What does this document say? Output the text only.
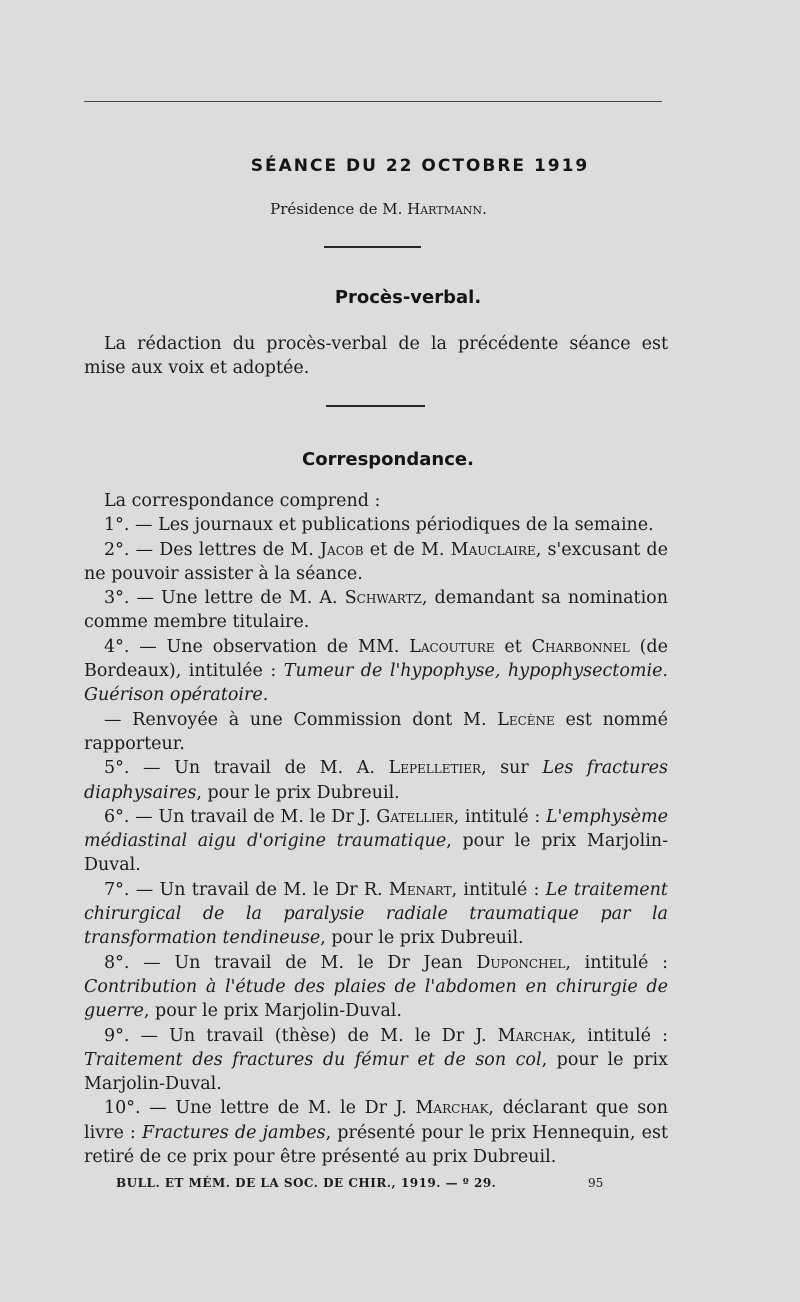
SÉANCE DU 22 OCTOBRE 1919
Présidence de M. Hartmann.
Procès-verbal.

La rédaction du procès-verbal de la précédente séance est mise aux voix et adoptée.

Correspondance.

La correspondance comprend :

1°. — Les journaux et publications périodiques de la semaine.

2°. — Des lettres de M. Jacob et de M. Mauclaire, s'excusant de ne pouvoir assister à la séance.

3°. — Une lettre de M. A. Schwartz, demandant sa nomination comme membre titulaire.

4°. — Une observation de MM. Lacouture et Charbonnel (de Bordeaux), intitulée : Tumeur de l'hypophyse, hypophysectomie. Guérison opératoire.

— Renvoyée à une Commission dont M. Lecène est nommé rapporteur.

5°. — Un travail de M. A. Lepelletier, sur Les fractures diaphysaires, pour le prix Dubreuil.

6°. — Un travail de M. le Dr J. Gatellier, intitulé : L'emphysème médiastinal aigu d'origine traumatique, pour le prix Marjolin-Duval.

7°. — Un travail de M. le Dr R. Menart, intitulé : Le traitement chirurgical de la paralysie radiale traumatique par la transformation tendineuse, pour le prix Dubreuil.

8°. — Un travail de M. le Dr Jean Duponchel, intitulé : Contribution à l'étude des plaies de l'abdomen en chirurgie de guerre, pour le prix Marjolin-Duval.

9°. — Un travail (thèse) de M. le Dr J. Marchak, intitulé : Traitement des fractures du fémur et de son col, pour le prix Marjolin-Duval.

10°. — Une lettre de M. le Dr J. Marchak, déclarant que son livre : Fractures de jambes, présenté pour le prix Hennequin, est retiré de ce prix pour être présenté au prix Dubreuil.

BULL. ET MÉM. DE LA SOC. DE CHIR., 1919. — º 29.	95
